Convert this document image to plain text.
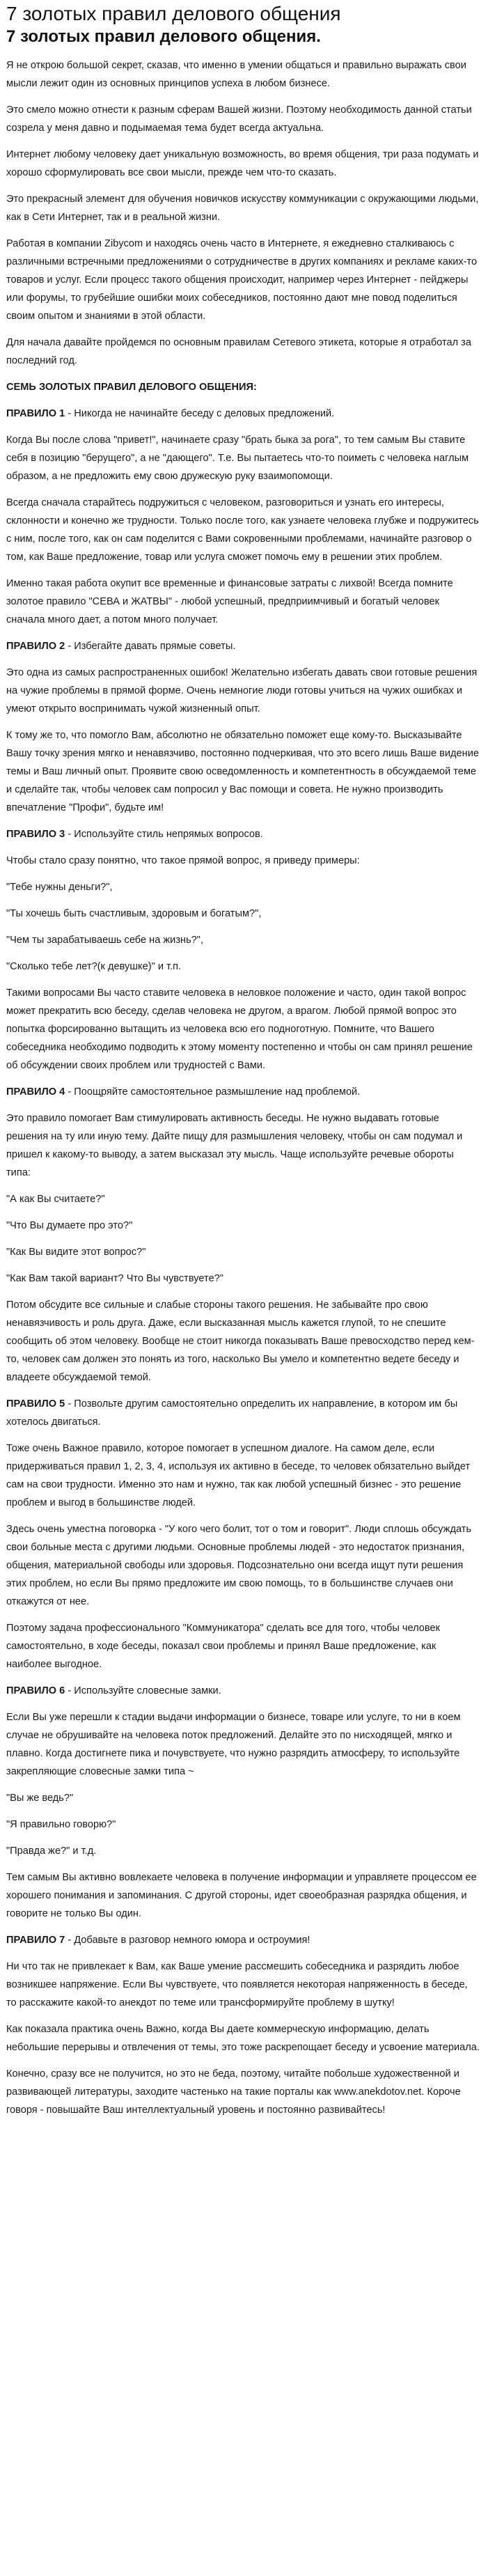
7 золотых правил делового общения
7 золотых правил делового общения.

Я не открою большой секрет, сказав, что именно в умении общаться и правильно выражать свои мысли лежит один из основных принципов успеха в любом бизнесе.

Это смело можно отнести к разным сферам Вашей жизни. Поэтому необходимость данной статьи созрела у меня давно и подымаемая тема будет всегда актуальна.

Интернет любому человеку дает уникальную возможность, во время общения, три раза подумать и хорошо сформулировать все свои мысли, прежде чем что-то сказать.

Это прекрасный элемент для обучения новичков искусству коммуникации с окружающими людьми, как в Сети Интернет, так и в реальной жизни.

Работая в компании Zibycom и находясь очень часто в Интернете, я ежедневно сталкиваюсь с различными встречными предложениями о сотрудничестве в других компаниях и рекламе каких-то товаров и услуг. Если процесс такого общения происходит, например через Интернет - пейджеры или форумы, то грубейшие ошибки моих собеседников, постоянно дают мне повод поделиться своим опытом и знаниями в этой области.

Для начала давайте пройдемся по основным правилам Сетевого этикета, которые я отработал за последний год.

СЕМЬ ЗОЛОТЫХ ПРАВИЛ ДЕЛОВОГО ОБЩЕНИЯ:

ПРАВИЛО 1 - Никогда не начинайте беседу с деловых предложений.

Когда Вы после слова "привет!", начинаете сразу "брать быка за рога", то тем самым Вы ставите себя в позицию "берущего", а не "дающего". Т.е. Вы пытаетесь что-то поиметь с человека наглым образом, а не предложить ему свою дружескую руку взаимопомощи.

Всегда сначала старайтесь подружиться с человеком, разговориться и узнать его интересы, склонности и конечно же трудности. Только после того, как узнаете человека глубже и подружитесь с ним, после того, как он сам поделится с Вами сокровенными проблемами, начинайте разговор о том, как Ваше предложение, товар или услуга сможет помочь ему в решении этих проблем.

Именно такая работа окупит все временные и финансовые затраты с лихвой! Всегда помните золотое правило "СЕВА и ЖАТВЫ" - любой успешный, предприимчивый и богатый человек сначала много дает, а потом много получает.

ПРАВИЛО 2 - Избегайте давать прямые советы.

Это одна из самых распространенных ошибок! Желательно избегать давать свои готовые решения на чужие проблемы в прямой форме. Очень немногие люди готовы учиться на чужих ошибках и умеют открыто воспринимать чужой жизненный опыт.

К тому же то, что помогло Вам, абсолютно не обязательно поможет еще кому-то. Высказывайте Вашу точку зрения мягко и ненавязчиво, постоянно подчеркивая, что это всего лишь Ваше видение темы и Ваш личный опыт. Проявите свою осведомленность и компетентность в обсуждаемой теме и сделайте так, чтобы человек сам попросил у Вас помощи и совета. Не нужно производить впечатление "Профи", будьте им!

ПРАВИЛО 3 - Используйте стиль непрямых вопросов.

Чтобы стало сразу понятно, что такое прямой вопрос, я приведу примеры:

"Тебе нужны деньги?",

"Ты хочешь быть счастливым, здоровым и богатым?",

"Чем ты зарабатываешь себе на жизнь?",

"Сколько тебе лет?(к девушке)" и т.п.

Такими вопросами Вы часто ставите человека в неловкое положение и часто, один такой вопрос может прекратить всю беседу, сделав человека не другом, а врагом. Любой прямой вопрос это попытка форсированно вытащить из человека всю его подноготную. Помните, что Вашего собеседника необходимо подводить к этому моменту постепенно и чтобы он сам принял решение об обсуждении своих проблем или трудностей с Вами.

ПРАВИЛО 4 - Поощряйте самостоятельное размышление над проблемой.

Это правило помогает Вам стимулировать активность беседы. Не нужно выдавать готовые решения на ту или иную тему. Дайте пищу для размышления человеку, чтобы он сам подумал и пришел к какому-то выводу, а затем высказал эту мысль. Чаще используйте речевые обороты типа:

"А как Вы считаете?"

"Что Вы думаете про это?"

"Как Вы видите этот вопрос?"

"Как Вам такой вариант? Что Вы чувствуете?"

Потом обсудите все сильные и слабые стороны такого решения. Не забывайте про свою ненавязчивость и роль друга. Даже, если высказанная мысль кажется глупой, то не спешите сообщить об этом человеку. Вообще не стоит никогда показывать Ваше превосходство перед кем-то, человек сам должен это понять из того, насколько Вы умело и компетентно ведете беседу и владеете обсуждаемой темой.

ПРАВИЛО 5 - Позвольте другим самостоятельно определить их направление, в котором им бы хотелось двигаться.

Тоже очень Важное правило, которое помогает в успешном диалоге. На самом деле, если придерживаться правил 1, 2, 3, 4, используя их активно в беседе, то человек обязательно выйдет сам на свои трудности. Именно это нам и нужно, так как любой успешный бизнес - это решение проблем и выгод в большинстве людей.

Здесь очень уместна поговорка - "У кого чего болит, тот о том и говорит". Люди сплошь обсуждать свои больные места с другими людьми. Основные проблемы людей - это недостаток признания, общения, материальной свободы или здоровья. Подсознательно они всегда ищут пути решения этих проблем, но если Вы прямо предложите им свою помощь, то в большинстве случаев они откажутся от нее.

Поэтому задача профессионального "Коммуникатора" сделать все для того, чтобы человек самостоятельно, в ходе беседы, показал свои проблемы и принял Ваше предложение, как наиболее выгодное.

ПРАВИЛО 6 - Используйте словесные замки.

Если Вы уже перешли к стадии выдачи информации о бизнесе, товаре или услуге, то ни в коем случае не обрушивайте на человека поток предложений. Делайте это по нисходящей, мягко и плавно. Когда достигнете пика и почувствуете, что нужно разрядить атмосферу, то используйте закрепляющие словесные замки типа ~

"Вы же ведь?"

"Я правильно говорю?"

"Правда же?" и т.д.

Тем самым Вы активно вовлекаете человека в получение информации и управляете процессом ее хорошего понимания и запоминания. С другой стороны, идет своеобразная разрядка общения, и говорите не только Вы один.

ПРАВИЛО 7 - Добавьте в разговор немного юмора и остроумия!

Ни что так не привлекает к Вам, как Ваше умение рассмешить собеседника и разрядить любое возникшее напряжение. Если Вы чувствуете, что появляется некоторая напряженность в беседе, то расскажите какой-то анекдот по теме или трансформируйте проблему в шутку!

Как показала практика очень Важно, когда Вы даете коммерческую информацию, делать небольшие перерывы и отвлечения от темы, это тоже раскрепощает беседу и усвоение материала.

Конечно, сразу все не получится, но это не беда, поэтому, читайте побольше художественной и развивающей литературы, заходите частенько на такие порталы как www.anekdotov.net. Короче говоря - повышайте Ваш интеллектуальный уровень и постоянно развивайтесь!
